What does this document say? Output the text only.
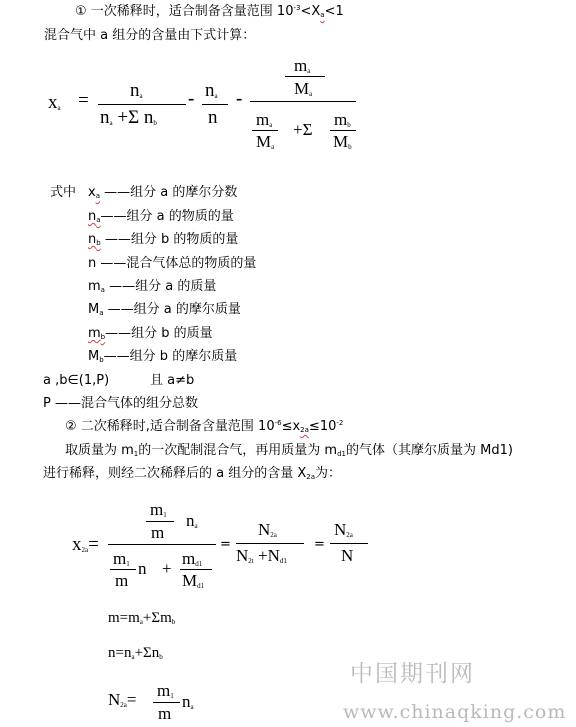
① 一次稀释时，适合制备含量范围 $10^{-3}<Xa<1$
混合气中 a 组分的含量由下式计算：
xa = na
na +Σ nb
- na
n
-
ma
Ma
ma
Ma
+Σ
mb
Mb
式中 xa ——组分 a 的摩尔分数
na——组分 a 的物质的量
nb ——组分 b 的物质的量
n ——混合气体总的物质的量
ma ——组分 a 的质量
Ma ——组分 a 的摩尔质量
mb——组分 b 的质量
Mb——组分 b 的摩尔质量
a ,b∈(1,P)	且 a≠b
P ——混合气体的组分总数
② 二次稀释时,适合制备含量范围 $10^{-6}\le x2a\le 10^{-2}$
取质量为 m1的一次配制混合气，再用质量为 md1的气体（其摩尔质量为 Md1)
进行稀释，则经二次稀释后的 a 组分的含量 X2a为：
x2a=
m1
m
na
m1
m
n +
md1
Md1
=
N2a
N2t +Nd1
=
N2a
N
m=ma+Σmb
n=na+Σnb
N2a= m1
m
na
中国期刊网
www.chinaqking.com
